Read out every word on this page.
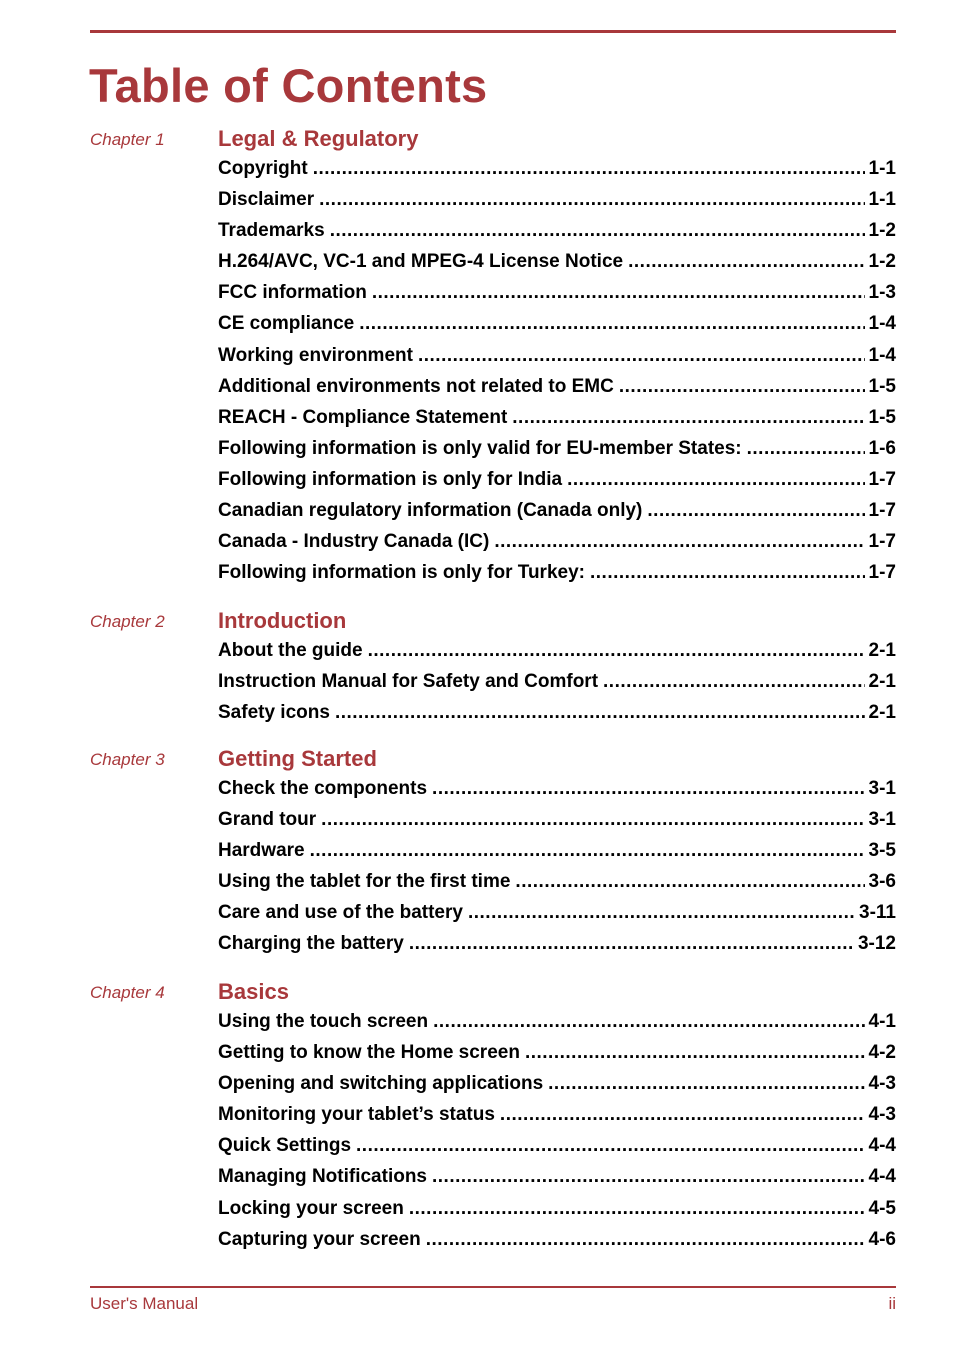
Table of Contents
Chapter 1 Legal & Regulatory
Copyright .....	1-1
Disclaimer .....	1-1
Trademarks .....	1-2
H.264/AVC, VC-1 and MPEG-4 License Notice .....	1-2
FCC information .....	1-3
CE compliance .....	1-4
Working environment .....	1-4
Additional environments not related to EMC .....	1-5
REACH - Compliance Statement .....	1-5
Following information is only valid for EU-member States: .....	1-6
Following information is only for India .....	1-7
Canadian regulatory information (Canada only) .....	1-7
Canada - Industry Canada (IC) .....	1-7
Following information is only for Turkey: .....	1-7
Chapter 2 Introduction
About the guide .....	2-1
Instruction Manual for Safety and Comfort .....	2-1
Safety icons .....	2-1
Chapter 3 Getting Started
Check the components .....	3-1
Grand tour .....	3-1
Hardware .....	3-5
Using the tablet for the first time .....	3-6
Care and use of the battery .....	3-11
Charging the battery .....	3-12
Chapter 4 Basics
Using the touch screen .....	4-1
Getting to know the Home screen .....	4-2
Opening and switching applications .....	4-3
Monitoring your tablet’s status .....	4-3
Quick Settings .....	4-4
Managing Notifications .....	4-4
Locking your screen .....	4-5
Capturing your screen .....	4-6
User's Manual	ii
